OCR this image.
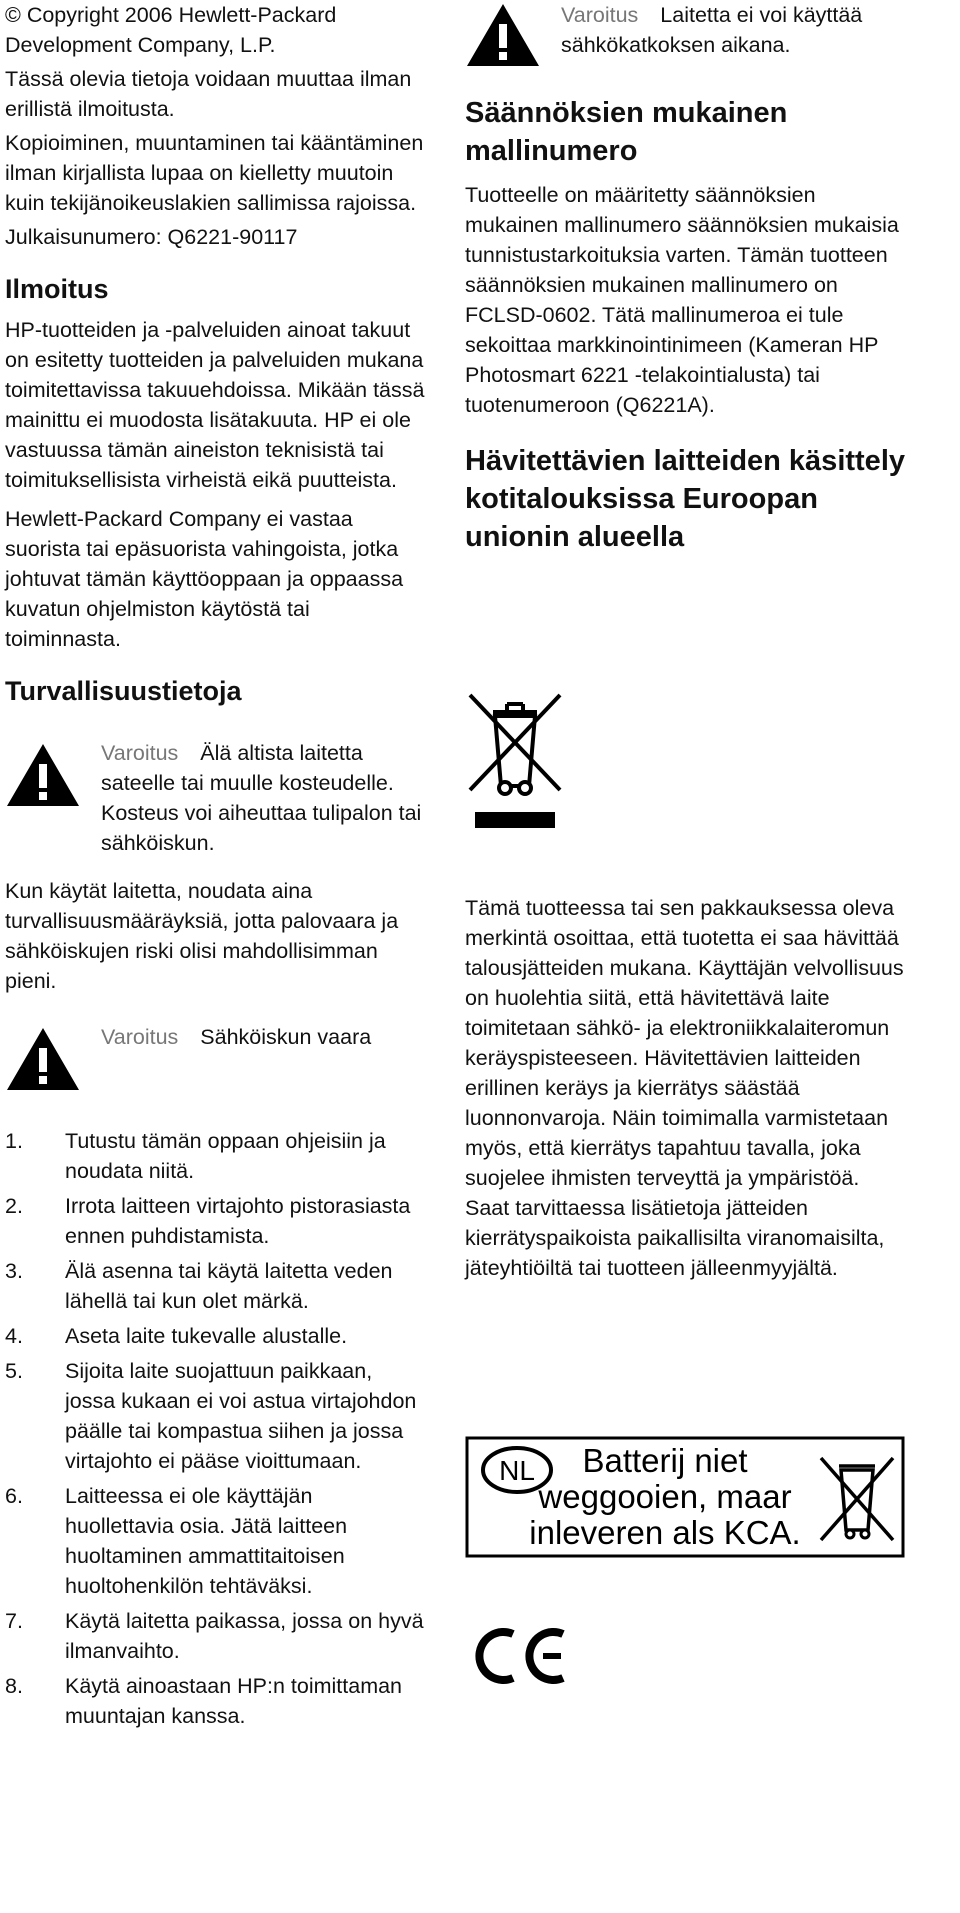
© Copyright 2006 Hewlett-Packard Development Company, L.P.

Tässä olevia tietoja voidaan muuttaa ilman erillistä ilmoitusta.

Kopioiminen, muuntaminen tai kääntäminen ilman kirjallista lupaa on kielletty muutoin kuin tekijänoikeuslakien sallimissa rajoissa.

Julkaisunumero: Q6221-90117

Ilmoitus

HP-tuotteiden ja -palveluiden ainoat takuut on esitetty tuotteiden ja palveluiden mukana toimitettavissa takuuehdoissa. Mikään tässä mainittu ei muodosta lisätakuuta. HP ei ole vastuussa tämän aineiston teknisistä tai toimituksellisista virheistä eikä puutteista.

Hewlett-Packard Company ei vastaa suorista tai epäsuorista vahingoista, jotka johtuvat tämän käyttöoppaan ja oppaassa kuvatun ohjelmiston käytöstä tai toiminnasta.

Turvallisuustietoja

Varoitus Älä altista laitetta sateelle tai muulle kosteudelle. Kosteus voi aiheuttaa tulipalon tai sähköiskun.

Kun käytät laitetta, noudata aina turvallisuusmääräyksiä, jotta palovaara ja sähköiskujen riski olisi mahdollisimman pieni.

Varoitus Sähköiskun vaara

1. Tutustu tämän oppaan ohjeisiin ja noudata niitä.
2. Irrota laitteen virtajohto pistorasiasta ennen puhdistamista.
3. Älä asenna tai käytä laitetta veden lähellä tai kun olet märkä.
4. Aseta laite tukevalle alustalle.
5. Sijoita laite suojattuun paikkaan, jossa kukaan ei voi astua virtajohdon päälle tai kompastua siihen ja jossa virtajohto ei pääse vioittumaan.
6. Laitteessa ei ole käyttäjän huollettavia osia. Jätä laitteen huoltaminen ammattitaitoisen huoltohenkilön tehtäväksi.
7. Käytä laitetta paikassa, jossa on hyvä ilmanvaihto.
8. Käytä ainoastaan HP:n toimittaman muuntajan kanssa.

Varoitus Laitetta ei voi käyttää sähkökatkoksen aikana.

Säännöksien mukainen mallinumero

Tuotteelle on määritetty säännöksien mukainen mallinumero säännöksien mukaisia tunnistustarkoituksia varten. Tämän tuotteen säännöksien mukainen mallinumero on FCLSD-0602. Tätä mallinumeroa ei tule sekoittaa markkinointinimeen (Kameran HP Photosmart 6221 -telakointialusta) tai tuotenumeroon (Q6221A).

Hävitettävien laitteiden käsittely kotitalouksissa Euroopan unionin alueella

Tämä tuotteessa tai sen pakkauksessa oleva merkintä osoittaa, että tuotetta ei saa hävittää talousjätteiden mukana. Käyttäjän velvollisuus on huolehtia siitä, että hävitettävä laite toimitetaan sähkö- ja elektroniikkalaiteromun keräyspisteeseen. Hävitettävien laitteiden erillinen keräys ja kierrätys säästää luonnonvaroja. Näin toimimalla varmistetaan myös, että kierrätys tapahtuu tavalla, joka suojelee ihmisten terveyttä ja ympäristöä. Saat tarvittaessa lisätietoja jätteiden kierrätyspaikoista paikallisilta viranomaisilta, jäteyhtiöiltä tai tuotteen jälleenmyyjältä.

NL Batterij niet
weggooien, maar
inleveren als KCA.
